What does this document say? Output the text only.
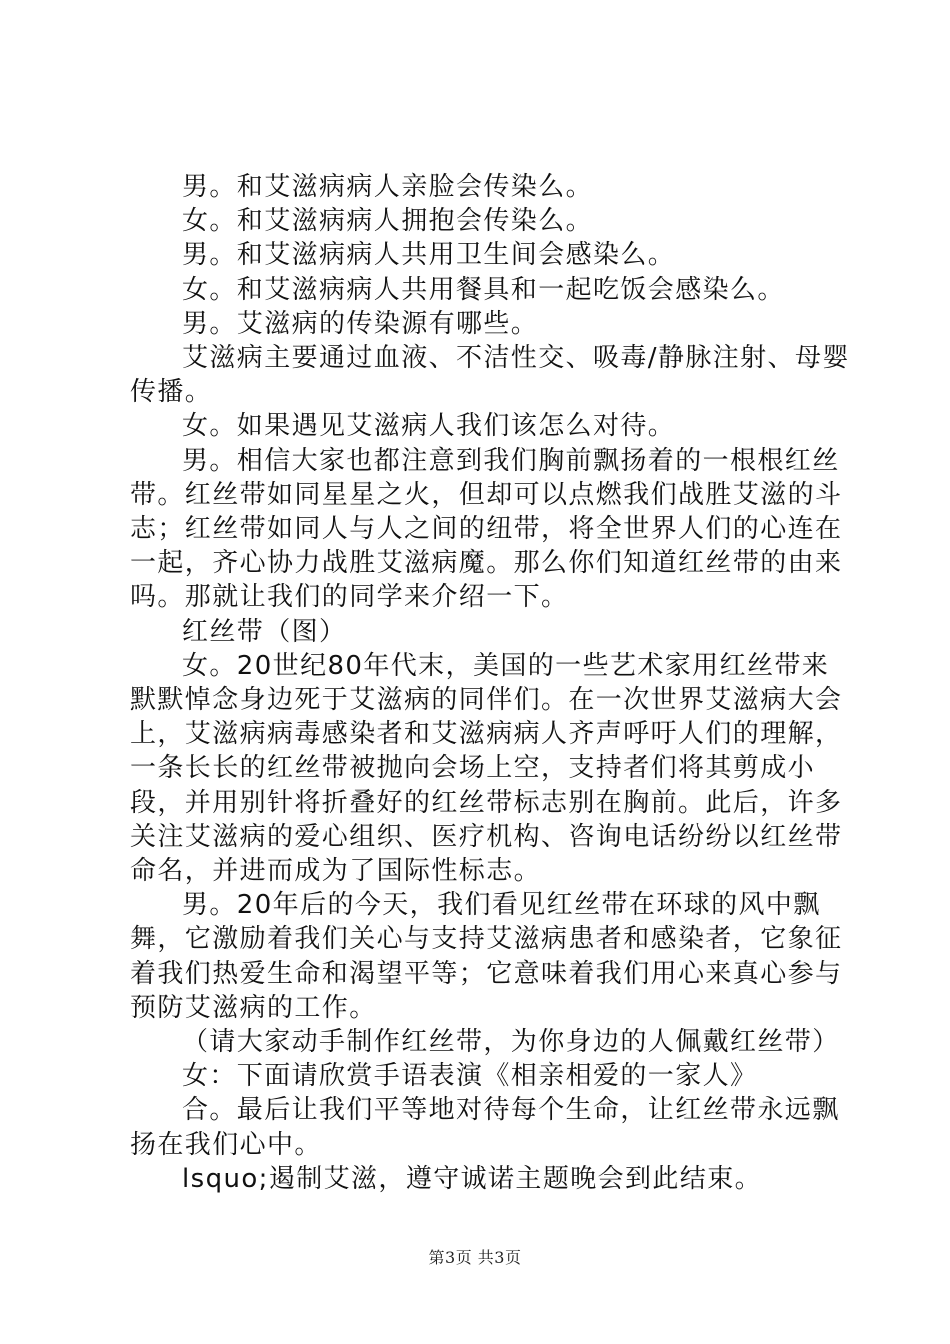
男。和艾滋病病人亲脸会传染么。

女。和艾滋病病人拥抱会传染么。

男。和艾滋病病人共用卫生间会感染么。

女。和艾滋病病人共用餐具和一起吃饭会感染么。

男。艾滋病的传染源有哪些。

艾滋病主要通过血液、不洁性交、吸毒/静脉注射、母婴传播。

女。如果遇见艾滋病人我们该怎么对待。

男。相信大家也都注意到我们胸前飘扬着的一根根红丝带。红丝带如同星星之火，但却可以点燃我们战胜艾滋的斗志；红丝带如同人与人之间的纽带，将全世界人们的心连在一起，齐心协力战胜艾滋病魔。那么你们知道红丝带的由来吗。那就让我们的同学来介绍一下。

红丝带（图）

女。20世纪80年代末，美国的一些艺术家用红丝带来默默悼念身边死于艾滋病的同伴们。在一次世界艾滋病大会上，艾滋病病毒感染者和艾滋病病人齐声呼吁人们的理解，一条长长的红丝带被抛向会场上空，支持者们将其剪成小段，并用别针将折叠好的红丝带标志别在胸前。此后，许多关注艾滋病的爱心组织、医疗机构、咨询电话纷纷以红丝带命名，并进而成为了国际性标志。

男。20年后的今天，我们看见红丝带在环球的风中飘舞，它激励着我们关心与支持艾滋病患者和感染者，它象征着我们热爱生命和渴望平等；它意味着我们用心来真心参与预防艾滋病的工作。

（请大家动手制作红丝带，为你身边的人佩戴红丝带）

女：下面请欣赏手语表演《相亲相爱的一家人》

合。最后让我们平等地对待每个生命，让红丝带永远飘扬在我们心中。

lsquo;遏制艾滋，遵守诚诺主题晚会到此结束。

第3页 共3页
